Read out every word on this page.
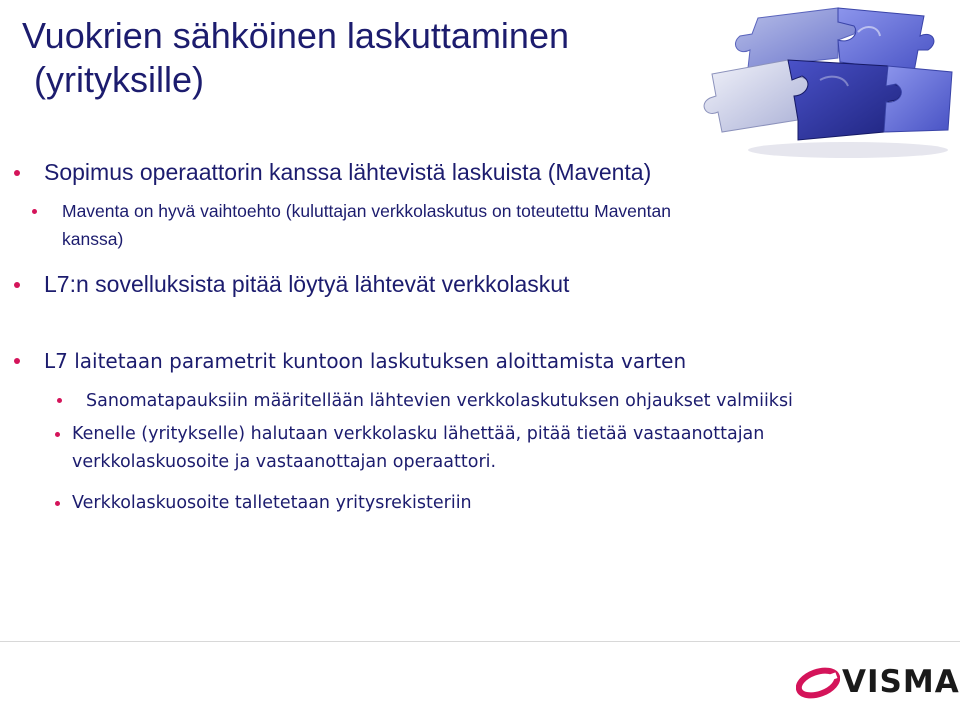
Vuokrien sähköinen laskuttaminen
(yrityksille)

Sopimus operaattorin kanssa lähtevistä laskuista (Maventa)

Maventa on hyvä vaihtoehto (kuluttajan verkkolaskutus on toteutettu Maventan kanssa)

L7:n sovelluksista pitää löytyä lähtevät verkkolaskut

L7 laitetaan parametrit kuntoon laskutuksen aloittamista varten

Sanomatapauksiin määritellään lähtevien verkkolaskutuksen ohjaukset valmiiksi

Kenelle (yritykselle) halutaan verkkolasku lähettää, pitää tietää vastaanottajan verkkolaskuosoite ja vastaanottajan operaattori.

Verkkolaskuosoite talletetaan yritysrekisteriin

VISMA
